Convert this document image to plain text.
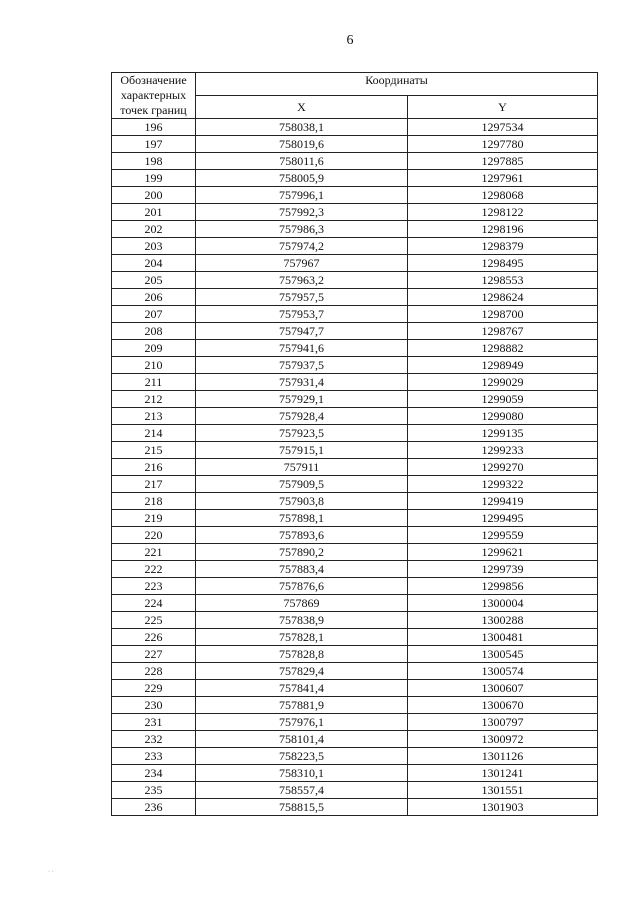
6
Обозначение характерных точек границ	Координаты	
	X	Y
196	758038,1	1297534
197	758019,6	1297780
198	758011,6	1297885
199	758005,9	1297961
200	757996,1	1298068
201	757992,3	1298122
202	757986,3	1298196
203	757974,2	1298379
204	757967	1298495
205	757963,2	1298553
206	757957,5	1298624
207	757953,7	1298700
208	757947,7	1298767
209	757941,6	1298882
210	757937,5	1298949
211	757931,4	1299029
212	757929,1	1299059
213	757928,4	1299080
214	757923,5	1299135
215	757915,1	1299233
216	757911	1299270
217	757909,5	1299322
218	757903,8	1299419
219	757898,1	1299495
220	757893,6	1299559
221	757890,2	1299621
222	757883,4	1299739
223	757876,6	1299856
224	757869	1300004
225	757838,9	1300288
226	757828,1	1300481
227	757828,8	1300545
228	757829,4	1300574
229	757841,4	1300607
230	757881,9	1300670
231	757976,1	1300797
232	758101,4	1300972
233	758223,5	1301126
234	758310,1	1301241
235	758557,4	1301551
236	758815,5	1301903
· ·
